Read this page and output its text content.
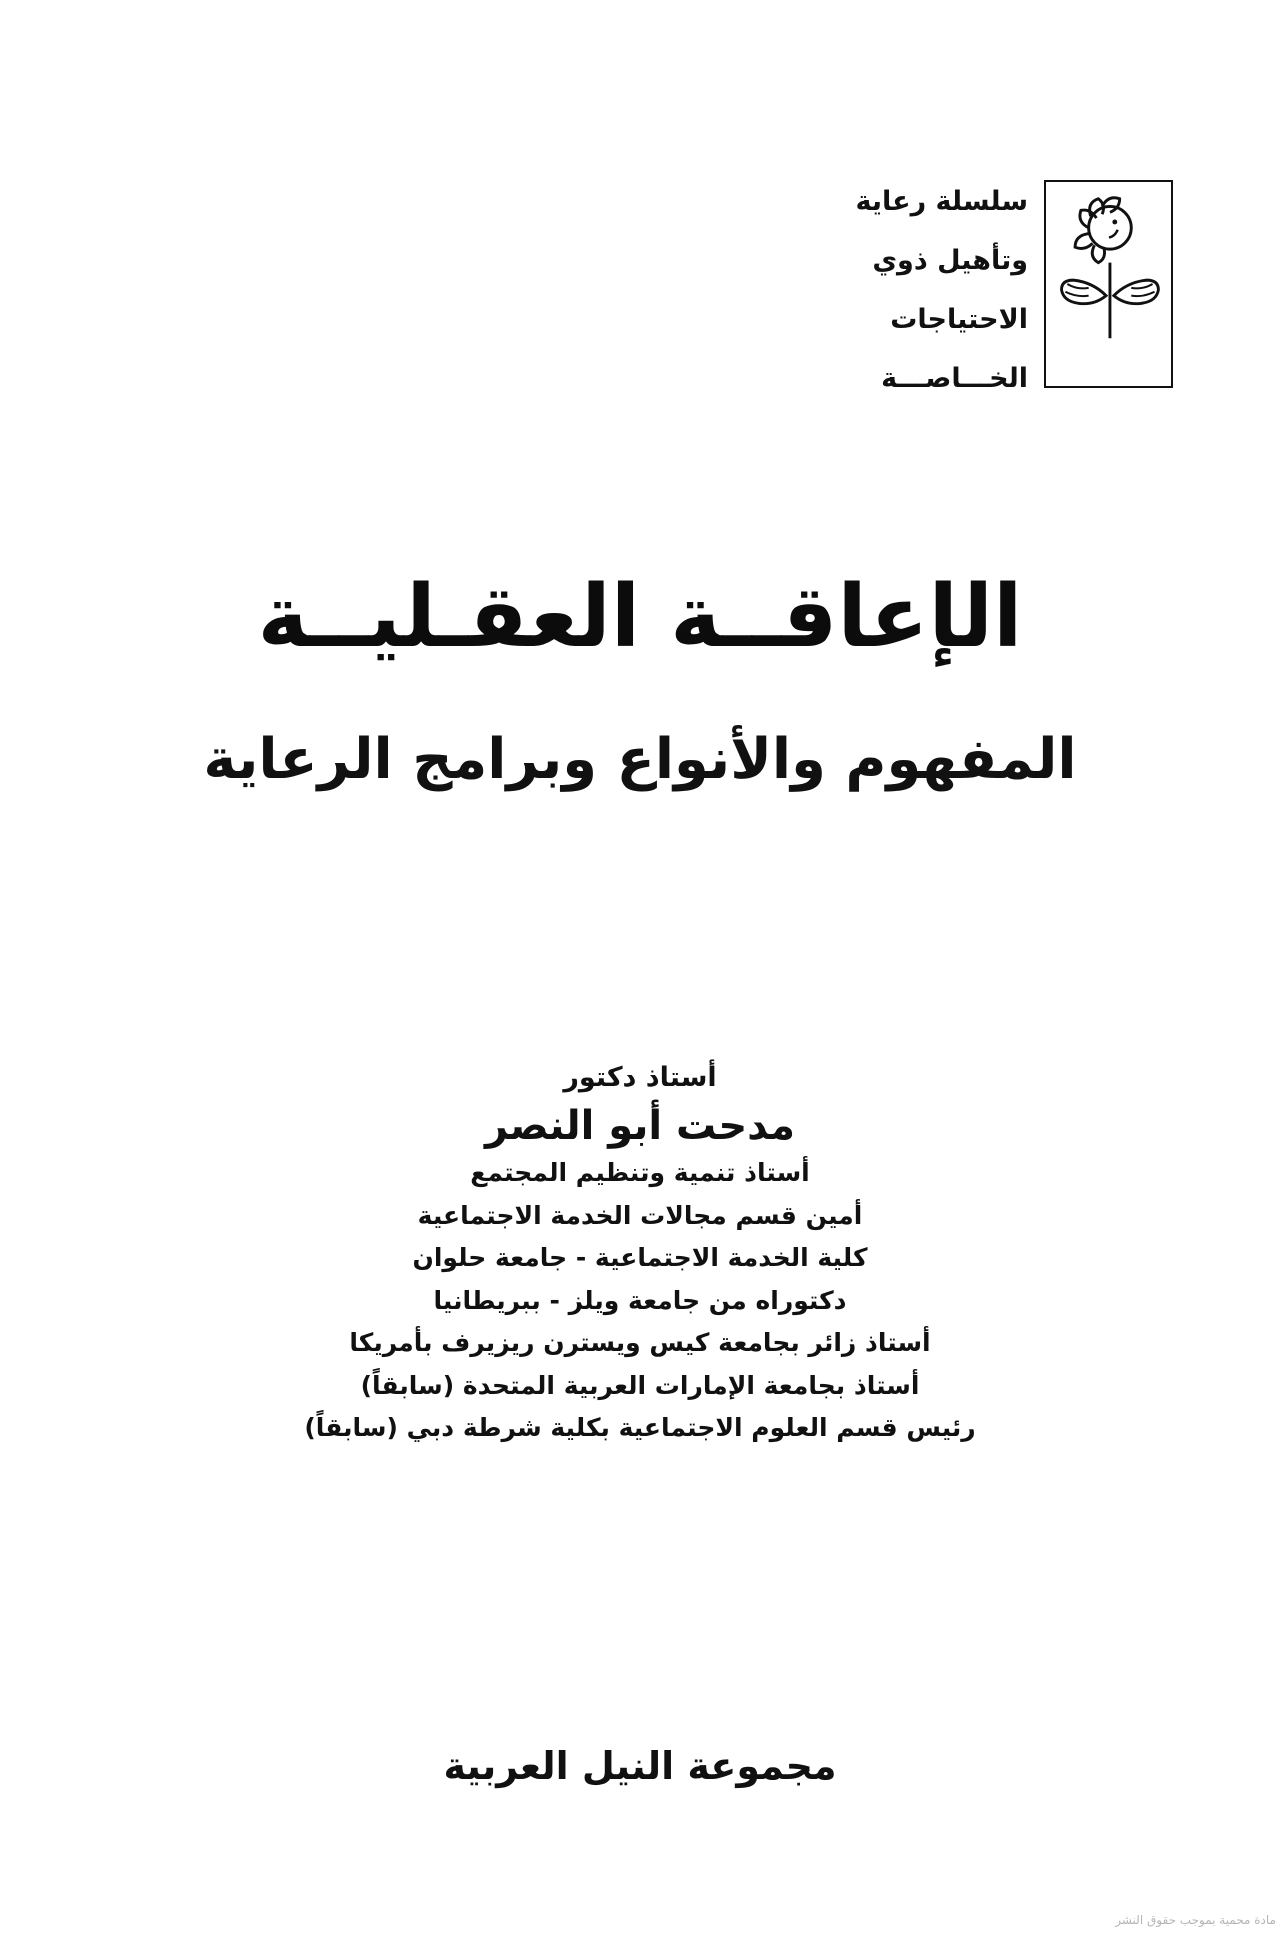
سلسلة رعاية
وتأهيل ذوي
الاحتياجات
الخـــاصـــة
الإعاقــة العقـليــة
المفهوم والأنواع وبرامج الرعاية
أستاذ دكتور
مدحت أبو النصر
أستاذ تنمية وتنظيم المجتمع
أمين قسم مجالات الخدمة الاجتماعية
كلية الخدمة الاجتماعية - جامعة حلوان
دكتوراه من جامعة ويلز - ببريطانيا
أستاذ زائر بجامعة كيس ويسترن ريزيرف بأمريكا
أستاذ بجامعة الإمارات العربية المتحدة (سابقاً)
رئيس قسم العلوم الاجتماعية بكلية شرطة دبي (سابقاً)
مجموعة النيل العربية
مادة محمية بموجب حقوق النشر
